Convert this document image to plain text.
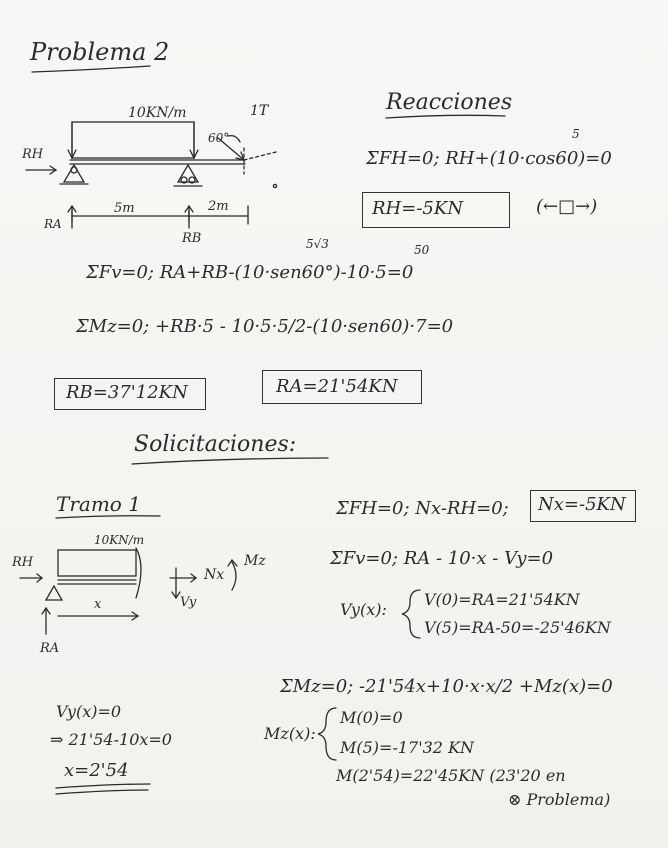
Problema 2
10KN/m	1T
60°
RH
RA
RB
5m	2m
Reacciones
5
ΣFH=0; RH+(10·cos60)=0
RH=-5KN	(←□→)
5√3	50
ΣFv=0; RA+RB-(10·sen60°)-10·5=0
ΣMz=0; +RB·5 - 10·5·5/2-(10·sen60)·7=0
RB=37'12KN	RA=21'54KN
Solicitaciones:
Tramo 1
10KN/m
RH
RA
x
Nx
Mz
Vy
ΣFH=0; Nx-RH=0; Nx=-5KN
ΣFv=0; RA - 10·x - Vy=0
Vy(x):
V(0)=RA=21'54KN
V(5)=RA-50=-25'46KN
ΣMz=0; -21'54x+10·x·x/2 +Mz(x)=0
Mz(x):
M(0)=0
M(5)=-17'32 KN
M(2'54)=22'45KN (23'20 en
⊗ Problema)
Vy(x)=0
⇒ 21'54-10x=0
x=2'54
